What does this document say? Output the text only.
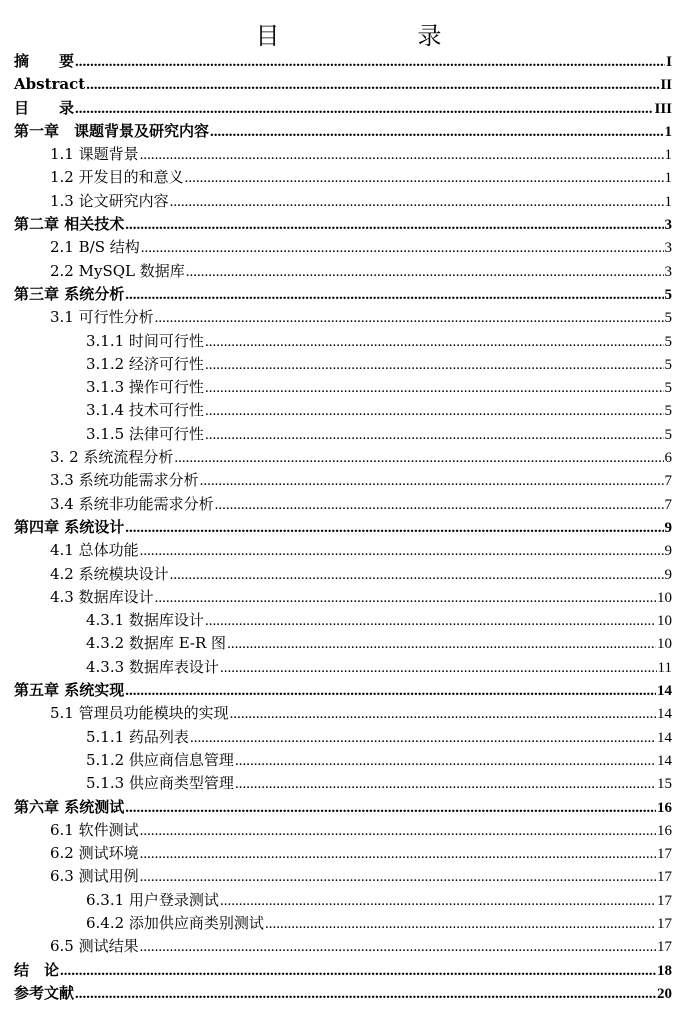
目　　录
摘　　要 .....	I
Abstract .....	II
目　　录 .....	III
第一章　课题背景及研究内容 .....	1
1.1 课题背景 .....	1
1.2 开发目的和意义 .....	1
1.3 论文研究内容 .....	1
第二章 相关技术 .....	3
2.1 B/S 结构 .....	3
2.2 MySQL 数据库 .....	3
第三章 系统分析 .....	5
3.1 可行性分析 .....	5
3.1.1 时间可行性 .....	5
3.1.2 经济可行性 .....	5
3.1.3 操作可行性 .....	5
3.1.4 技术可行性 .....	5
3.1.5 法律可行性 .....	5
3. 2 系统流程分析 .....	6
3.3 系统功能需求分析 .....	7
3.4 系统非功能需求分析 .....	7
第四章 系统设计 .....	9
4.1 总体功能 .....	9
4.2 系统模块设计 .....	9
4.3 数据库设计 .....	10
4.3.1 数据库设计 .....	10
4.3.2 数据库 E-R 图 .....	10
4.3.3 数据库表设计 .....	11
第五章 系统实现 .....	14
5.1 管理员功能模块的实现 .....	14
5.1.1 药品列表 .....	14
5.1.2 供应商信息管理 .....	14
5.1.3 供应商类型管理 .....	15
第六章 系统测试 .....	16
6.1 软件测试 .....	16
6.2 测试环境 .....	17
6.3 测试用例 .....	17
6.3.1 用户登录测试 .....	17
6.4.2 添加供应商类别测试 .....	17
6.5 测试结果 .....	17
结　论 .....	18
参考文献 .....	20
